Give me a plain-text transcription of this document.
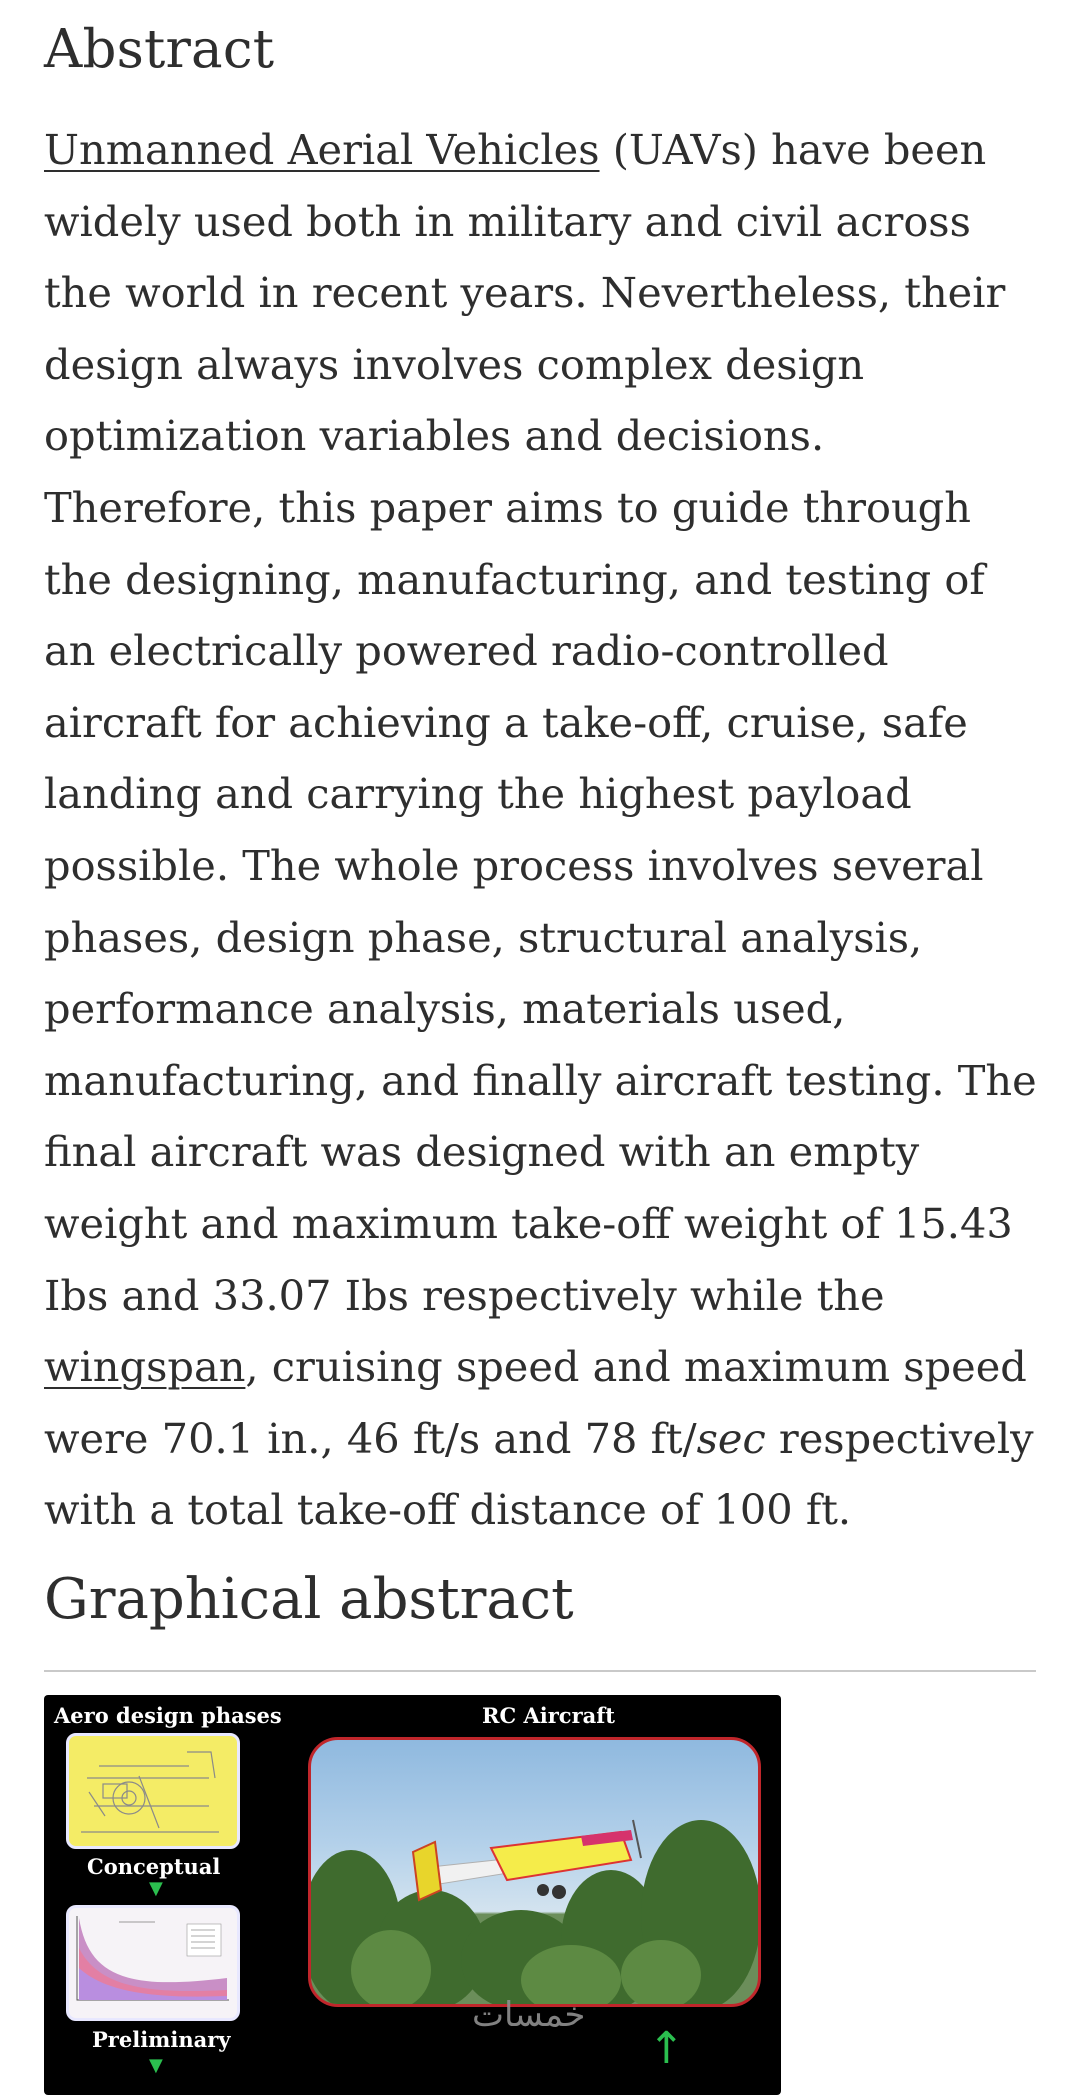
Abstract

Unmanned Aerial Vehicles (UAVs) have been widely used both in military and civil across the world in recent years. Nevertheless, their design always involves complex design optimization variables and decisions. Therefore, this paper aims to guide through the designing, manufacturing, and testing of an electrically powered radio-controlled aircraft for achieving a take-off, cruise, safe landing and carrying the highest payload possible. The whole process involves several phases, design phase, structural analysis, performance analysis, materials used, manufacturing, and finally aircraft testing. The final aircraft was designed with an empty weight and maximum take-off weight of 15.43 Ibs and 33.07 Ibs respectively while the wingspan, cruising speed and maximum speed were 70.1 in., 46 ft/s and 78 ft/sec respectively with a total take-off distance of 100 ft.

Graphical abstract
Aero design phases	RC Aircraft
Conceptual
▼
Preliminary
▼
خمسات
↑
